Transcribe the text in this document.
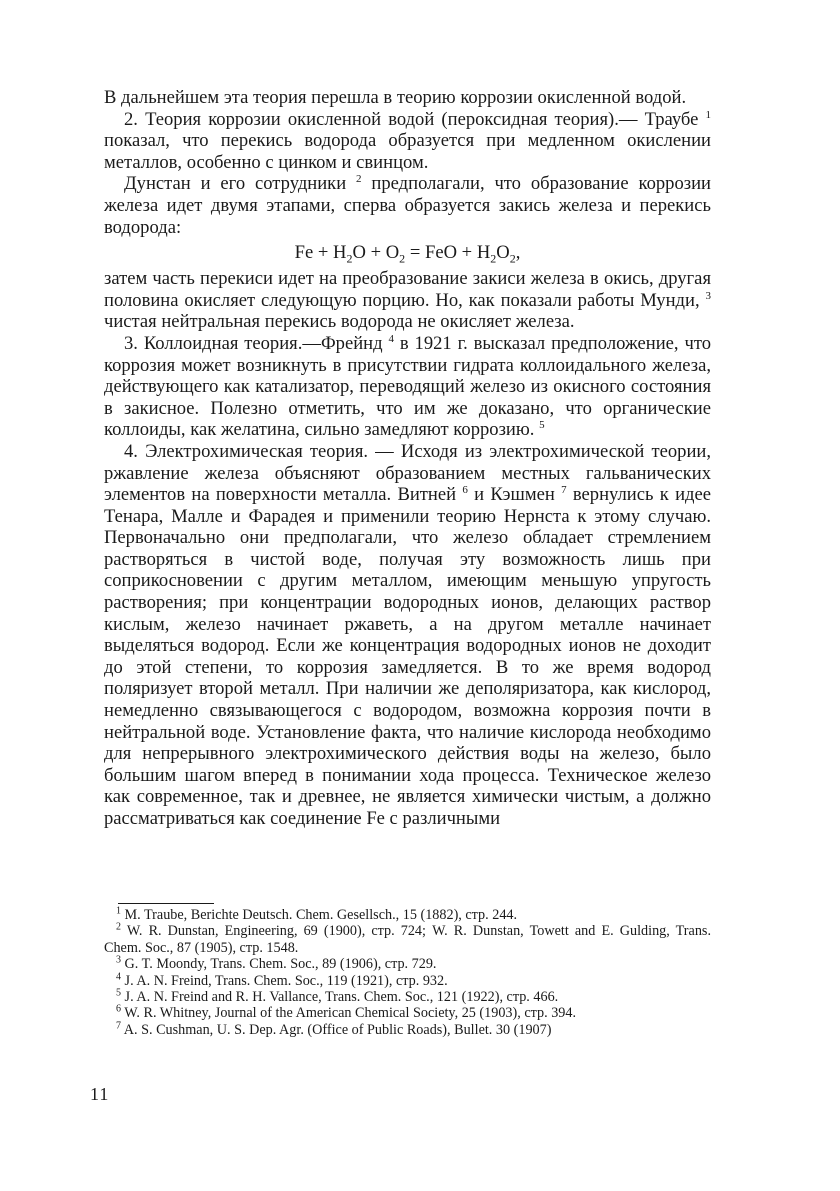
В дальнейшем эта теория перешла в теорию коррозии окисленной водой.

2. Теория коррозии окисленной водой (пероксидная теория).— Траубе $^1$ показал, что перекись водорода образуется при медленном окислении металлов, особенно с цинком и свинцом.

Дунстан и его сотрудники $^2$ предполагали, что образование коррозии железа идет двумя этапами, сперва образуется закись железа и перекись водорода:

$Fe + H_2O + O_2$ = FeO + $H_2O_2$,

затем часть перекиси идет на преобразование закиси железа в окись, другая половина окисляет следующую порцию. Но, как показали работы Мунди, $^3$ чистая нейтральная перекись водорода не окисляет железа.

3. Коллоидная теория.—Фрейнд $^4$ в 1921 г. высказал предположение, что коррозия может возникнуть в присутствии гидрата коллоидального железа, действующего как катализатор, переводящий железо из окисного состояния в закисное. Полезно отметить, что им же доказано, что органические коллоиды, как желатина, сильно замедляют коррозию. $^5$

4. Электрохимическая теория. — Исходя из электрохимической теории, ржавление железа объясняют образованием местных гальванических элементов на поверхности металла. Витней $^6$ и Кэшмен $^7$ вернулись к идее Тенара, Малле и Фарадея и применили теорию Нернста к этому случаю. Первоначально они предполагали, что железо обладает стремлением растворяться в чистой воде, получая эту возможность лишь при соприкосновении с другим металлом, имеющим меньшую упругость растворения; при концентрации водородных ионов, делающих раствор кислым, железо начинает ржаветь, а на другом металле начинает выделяться водород. Если же концентрация водородных ионов не доходит до этой степени, то коррозия замедляется. В то же время водород поляризует второй металл. При наличии же деполяризатора, как кислород, немедленно связывающегося с водородом, возможна коррозия почти в нейтральной воде. Установление факта, что наличие кислорода необходимо для непрерывного электрохимического действия воды на железо, было большим шагом вперед в понимании хода процесса. Техническое железо как современное, так и древнее, не является химически чистым, а должно рассматриваться как соединение Fe с различными

$^1$ M. Traube, Berichte Deutsch. Chem. Gesellsch., 15 (1882), стр. 244.

$^2$ W. R. Dunstan, Engineering, 69 (1900), стр. 724; W. R. Dunstan, Towett and E. Gulding, Trans. Chem. Soc., 87 (1905), стр. 1548.

$^3$ G. T. Moondy, Trans. Chem. Soc., 89 (1906), стр. 729.

$^4$ J. A. N. Freind, Trans. Chem. Soc., 119 (1921), стр. 932.

$^5$ J. A. N. Freind and R. H. Vallance, Trans. Chem. Soc., 121 (1922), стр. 466.

$^6$ W. R. Whitney, Journal of the American Chemical Society, 25 (1903), стр. 394.

$^7$ A. S. Cushman, U. S. Dep. Agr. (Office of Public Roads), Bullet. 30 (1907)

11
